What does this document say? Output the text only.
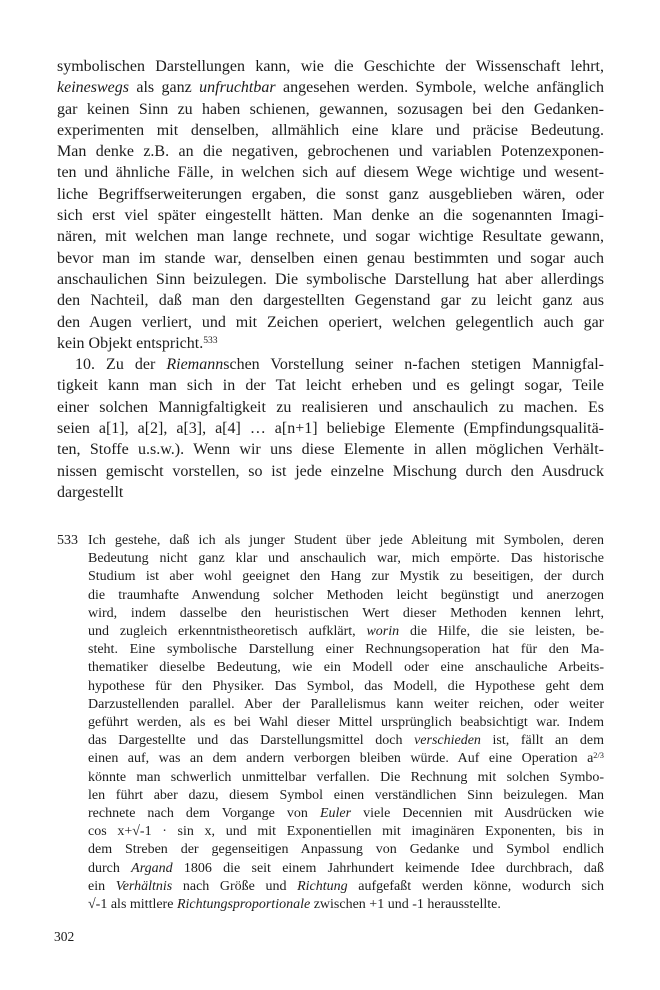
symbolischen Darstellungen kann, wie die Geschichte der Wissenschaft lehrt,
keineswegs als ganz unfruchtbar angesehen werden. Symbole, welche anfänglich
gar keinen Sinn zu haben schienen, gewannen, sozusagen bei den Gedanken-
experimenten mit denselben, allmählich eine klare und präcise Bedeutung.
Man denke z.B. an die negativen, gebrochenen und variablen Potenzexponen-
ten und ähnliche Fälle, in welchen sich auf diesem Wege wichtige und wesent-
liche Begriffserweiterungen ergaben, die sonst ganz ausgeblieben wären, oder
sich erst viel später eingestellt hätten. Man denke an die sogenannten Imagi-
nären, mit welchen man lange rechnete, und sogar wichtige Resultate gewann,
bevor man im stande war, denselben einen genau bestimmten und sogar auch
anschaulichen Sinn beizulegen. Die symbolische Darstellung hat aber allerdings
den Nachteil, daß man den dargestellten Gegenstand gar zu leicht ganz aus
den Augen verliert, und mit Zeichen operiert, welchen gelegentlich auch gar
kein Objekt entspricht.$^{533}$
10. Zu der Riemannschen Vorstellung seiner n-fachen stetigen Mannigfal-
tigkeit kann man sich in der Tat leicht erheben und es gelingt sogar, Teile
einer solchen Mannigfaltigkeit zu realisieren und anschaulich zu machen. Es
seien a[1], a[2], a[3], a[4] … a[n+1] beliebige Elemente (Empfindungsqualitä-
ten, Stoffe u.s.w.). Wenn wir uns diese Elemente in allen möglichen Verhält-
nissen gemischt vorstellen, so ist jede einzelne Mischung durch den Ausdruck
dargestellt
533 Ich gestehe, daß ich als junger Student über jede Ableitung mit Symbolen, deren
Bedeutung nicht ganz klar und anschaulich war, mich empörte. Das historische
Studium ist aber wohl geeignet den Hang zur Mystik zu beseitigen, der durch
die traumhafte Anwendung solcher Methoden leicht begünstigt und anerzogen
wird, indem dasselbe den heuristischen Wert dieser Methoden kennen lehrt,
und zugleich erkenntnistheoretisch aufklärt, worin die Hilfe, die sie leisten, be-
steht. Eine symbolische Darstellung einer Rechnungsoperation hat für den Ma-
thematiker dieselbe Bedeutung, wie ein Modell oder eine anschauliche Arbeits-
hypothese für den Physiker. Das Symbol, das Modell, die Hypothese geht dem
Darzustellenden parallel. Aber der Parallelismus kann weiter reichen, oder weiter
geführt werden, als es bei Wahl dieser Mittel ursprünglich beabsichtigt war. Indem
das Dargestellte und das Darstellungsmittel doch verschieden ist, fällt an dem
einen auf, was an dem andern verborgen bleiben würde. Auf eine Operation $a^{2/3}$
könnte man schwerlich unmittelbar verfallen. Die Rechnung mit solchen Symbo-
len führt aber dazu, diesem Symbol einen verständlichen Sinn beizulegen. Man
rechnete nach dem Vorgange von Euler viele Decennien mit Ausdrücken wie
cos x+√-1 · sin x, und mit Exponentiellen mit imaginären Exponenten, bis in
dem Streben der gegenseitigen Anpassung von Gedanke und Symbol endlich
durch Argand 1806 die seit einem Jahrhundert keimende Idee durchbrach, daß
ein Verhältnis nach Größe und Richtung aufgefaßt werden könne, wodurch sich
√-1 als mittlere Richtungsproportionale zwischen +1 und -1 herausstellte.
302
